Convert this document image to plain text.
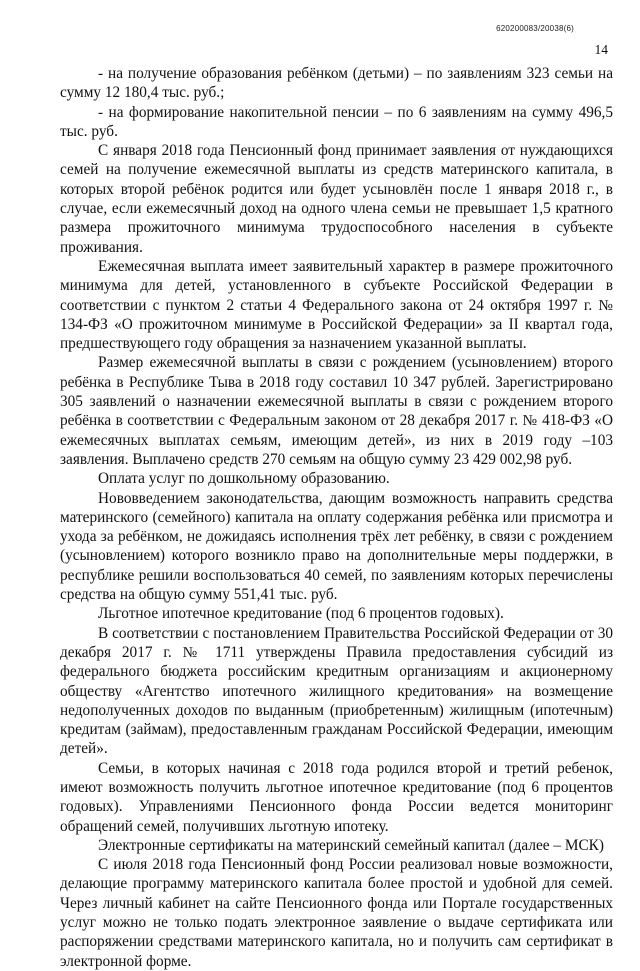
620200083/20038(6)
14

- на получение образования ребёнком (детьми) – по заявлениям 323 семьи на сумму 12 180,4 тыс. руб.;

- на формирование накопительной пенсии – по 6 заявлениям на сумму 496,5 тыс. руб.

С января 2018 года Пенсионный фонд принимает заявления от нуждающихся семей на получение ежемесячной выплаты из средств материнского капитала, в которых второй ребёнок родится или будет усыновлён после 1 января 2018 г., в случае, если ежемесячный доход на одного члена семьи не превышает 1,5 кратного размера прожиточного минимума трудоспособного населения в субъекте проживания.

Ежемесячная выплата имеет заявительный характер в размере прожиточного минимума для детей, установленного в субъекте Российской Федерации в соответствии с пунктом 2 статьи 4 Федерального закона от 24 октября 1997 г. № 134-ФЗ «О прожиточном минимуме в Российской Федерации» за II квартал года, предшествующего году обращения за назначением указанной выплаты.

Размер ежемесячной выплаты в связи с рождением (усыновлением) второго ребёнка в Республике Тыва в 2018 году составил 10 347 рублей. Зарегистрировано 305 заявлений о назначении ежемесячной выплаты в связи с рождением второго ребёнка в соответствии с Федеральным законом от 28 декабря 2017 г. № 418-ФЗ «О ежемесячных выплатах семьям, имеющим детей», из них в 2019 году –103 заявления. Выплачено средств 270 семьям на общую сумму 23 429 002,98 руб.

Оплата услуг по дошкольному образованию.

Нововведением законодательства, дающим возможность направить средства материнского (семейного) капитала на оплату содержания ребёнка или присмотра и ухода за ребёнком, не дожидаясь исполнения трёх лет ребёнку, в связи с рождением (усыновлением) которого возникло право на дополнительные меры поддержки, в республике решили воспользоваться 40 семей, по заявлениям которых перечислены средства на общую сумму 551,41 тыс. руб.

Льготное ипотечное кредитование (под 6 процентов годовых).

В соответствии с постановлением Правительства Российской Федерации от 30 декабря 2017 г. № 1711 утверждены Правила предоставления субсидий из федерального бюджета российским кредитным организациям и акционерному обществу «Агентство ипотечного жилищного кредитования» на возмещение недополученных доходов по выданным (приобретенным) жилищным (ипотечным) кредитам (займам), предоставленным гражданам Российской Федерации, имеющим детей».

Семьи, в которых начиная с 2018 года родился второй и третий ребенок, имеют возможность получить льготное ипотечное кредитование (под 6 процентов годовых). Управлениями Пенсионного фонда России ведется мониторинг обращений семей, получивших льготную ипотеку.

Электронные сертификаты на материнский семейный капитал (далее – МСК)

С июля 2018 года Пенсионный фонд России реализовал новые возможности, делающие программу материнского капитала более простой и удобной для семей. Через личный кабинет на сайте Пенсионного фонда или Портале государственных услуг можно не только подать электронное заявление о выдаче сертификата или распоряжении средствами материнского капитала, но и получить сам сертификат в электронной форме.
